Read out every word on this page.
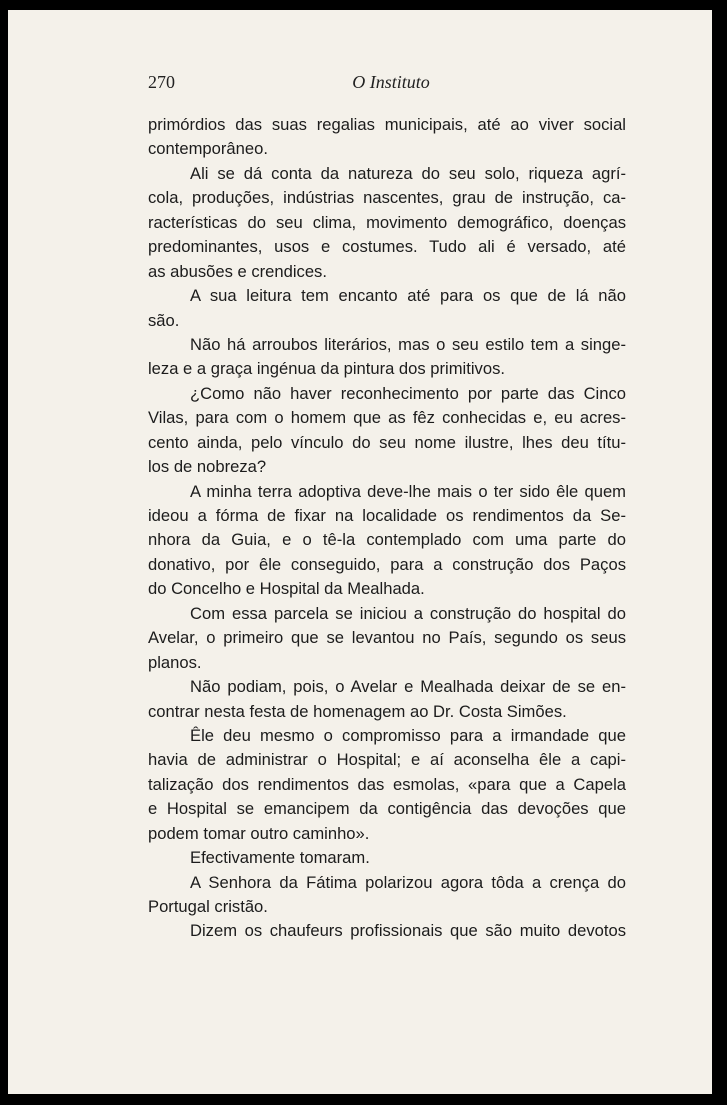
270	O Instituto
primórdios das suas regalias municipais, até ao viver social
contemporâneo.
Ali se dá conta da natureza do seu solo, riqueza agrí-
cola, produções, indústrias nascentes, grau de instrução, ca-
racterísticas do seu clima, movimento demográfico, doenças
predominantes, usos e costumes. Tudo ali é versado, até
as abusões e crendices.
A sua leitura tem encanto até para os que de lá não
são.
Não há arroubos literários, mas o seu estilo tem a singe-
leza e a graça ingénua da pintura dos primitivos.
¿Como não haver reconhecimento por parte das Cinco
Vilas, para com o homem que as fêz conhecidas e, eu acres-
cento ainda, pelo vínculo do seu nome ilustre, lhes deu títu-
los de nobreza?
A minha terra adoptiva deve-lhe mais o ter sido êle quem
ideou a fórma de fixar na localidade os rendimentos da Se-
nhora da Guia, e o tê-la contemplado com uma parte do
donativo, por êle conseguido, para a construção dos Paços
do Concelho e Hospital da Mealhada.
Com essa parcela se iniciou a construção do hospital do
Avelar, o primeiro que se levantou no País, segundo os seus
planos.
Não podiam, pois, o Avelar e Mealhada deixar de se en-
contrar nesta festa de homenagem ao Dr. Costa Simões.
Êle deu mesmo o compromisso para a irmandade que
havia de administrar o Hospital; e aí aconselha êle a capi-
talização dos rendimentos das esmolas, «para que a Capela
e Hospital se emancipem da contigência das devoções que
podem tomar outro caminho».
Efectivamente tomaram.
A Senhora da Fátima polarizou agora tôda a crença do
Portugal cristão.
Dizem os chaufeurs profissionais que são muito devotos
